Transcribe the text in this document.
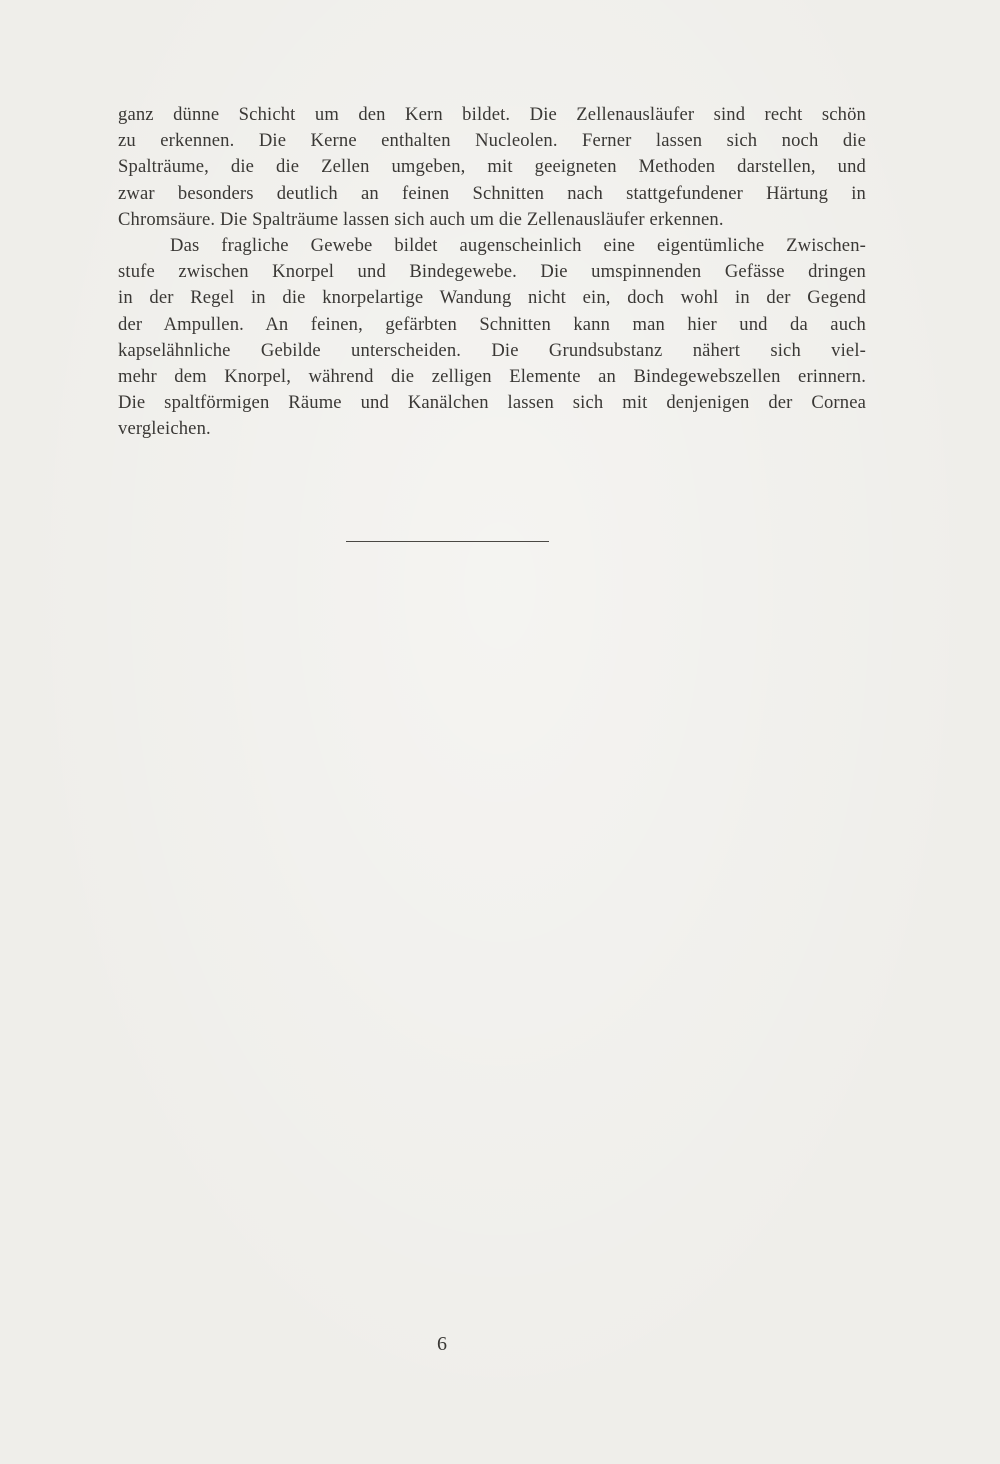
ganz dünne Schicht um den Kern bildet. Die Zellenausläufer sind recht schön
zu erkennen. Die Kerne enthalten Nucleolen. Ferner lassen sich noch die
Spalträume, die die Zellen umgeben, mit geeigneten Methoden darstellen, und
zwar besonders deutlich an feinen Schnitten nach stattgefundener Härtung in
Chromsäure. Die Spalträume lassen sich auch um die Zellenausläufer erkennen.

Das fragliche Gewebe bildet augenscheinlich eine eigentümliche Zwischen-
stufe zwischen Knorpel und Bindegewebe. Die umspinnenden Gefässe dringen
in der Regel in die knorpelartige Wandung nicht ein, doch wohl in der Gegend
der Ampullen. An feinen, gefärbten Schnitten kann man hier und da auch
kapselähnliche Gebilde unterscheiden. Die Grundsubstanz nähert sich viel-
mehr dem Knorpel, während die zelligen Elemente an Bindegewebszellen erinnern.
Die spaltförmigen Räume und Kanälchen lassen sich mit denjenigen der Cornea
vergleichen.

6
